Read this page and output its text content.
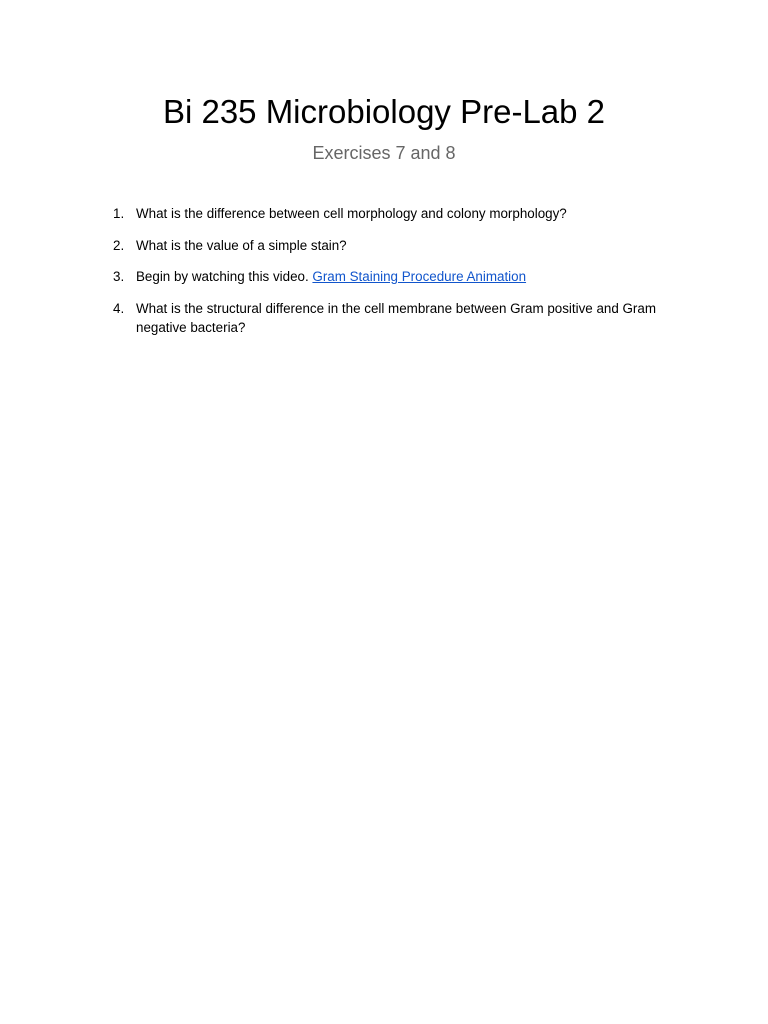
Bi 235 Microbiology Pre-Lab 2

Exercises 7 and 8

1. What is the difference between cell morphology and colony morphology?
2. What is the value of a simple stain?
3. Begin by watching this video. Gram Staining Procedure Animation
4. What is the structural difference in the cell membrane between Gram positive and Gram negative bacteria?
